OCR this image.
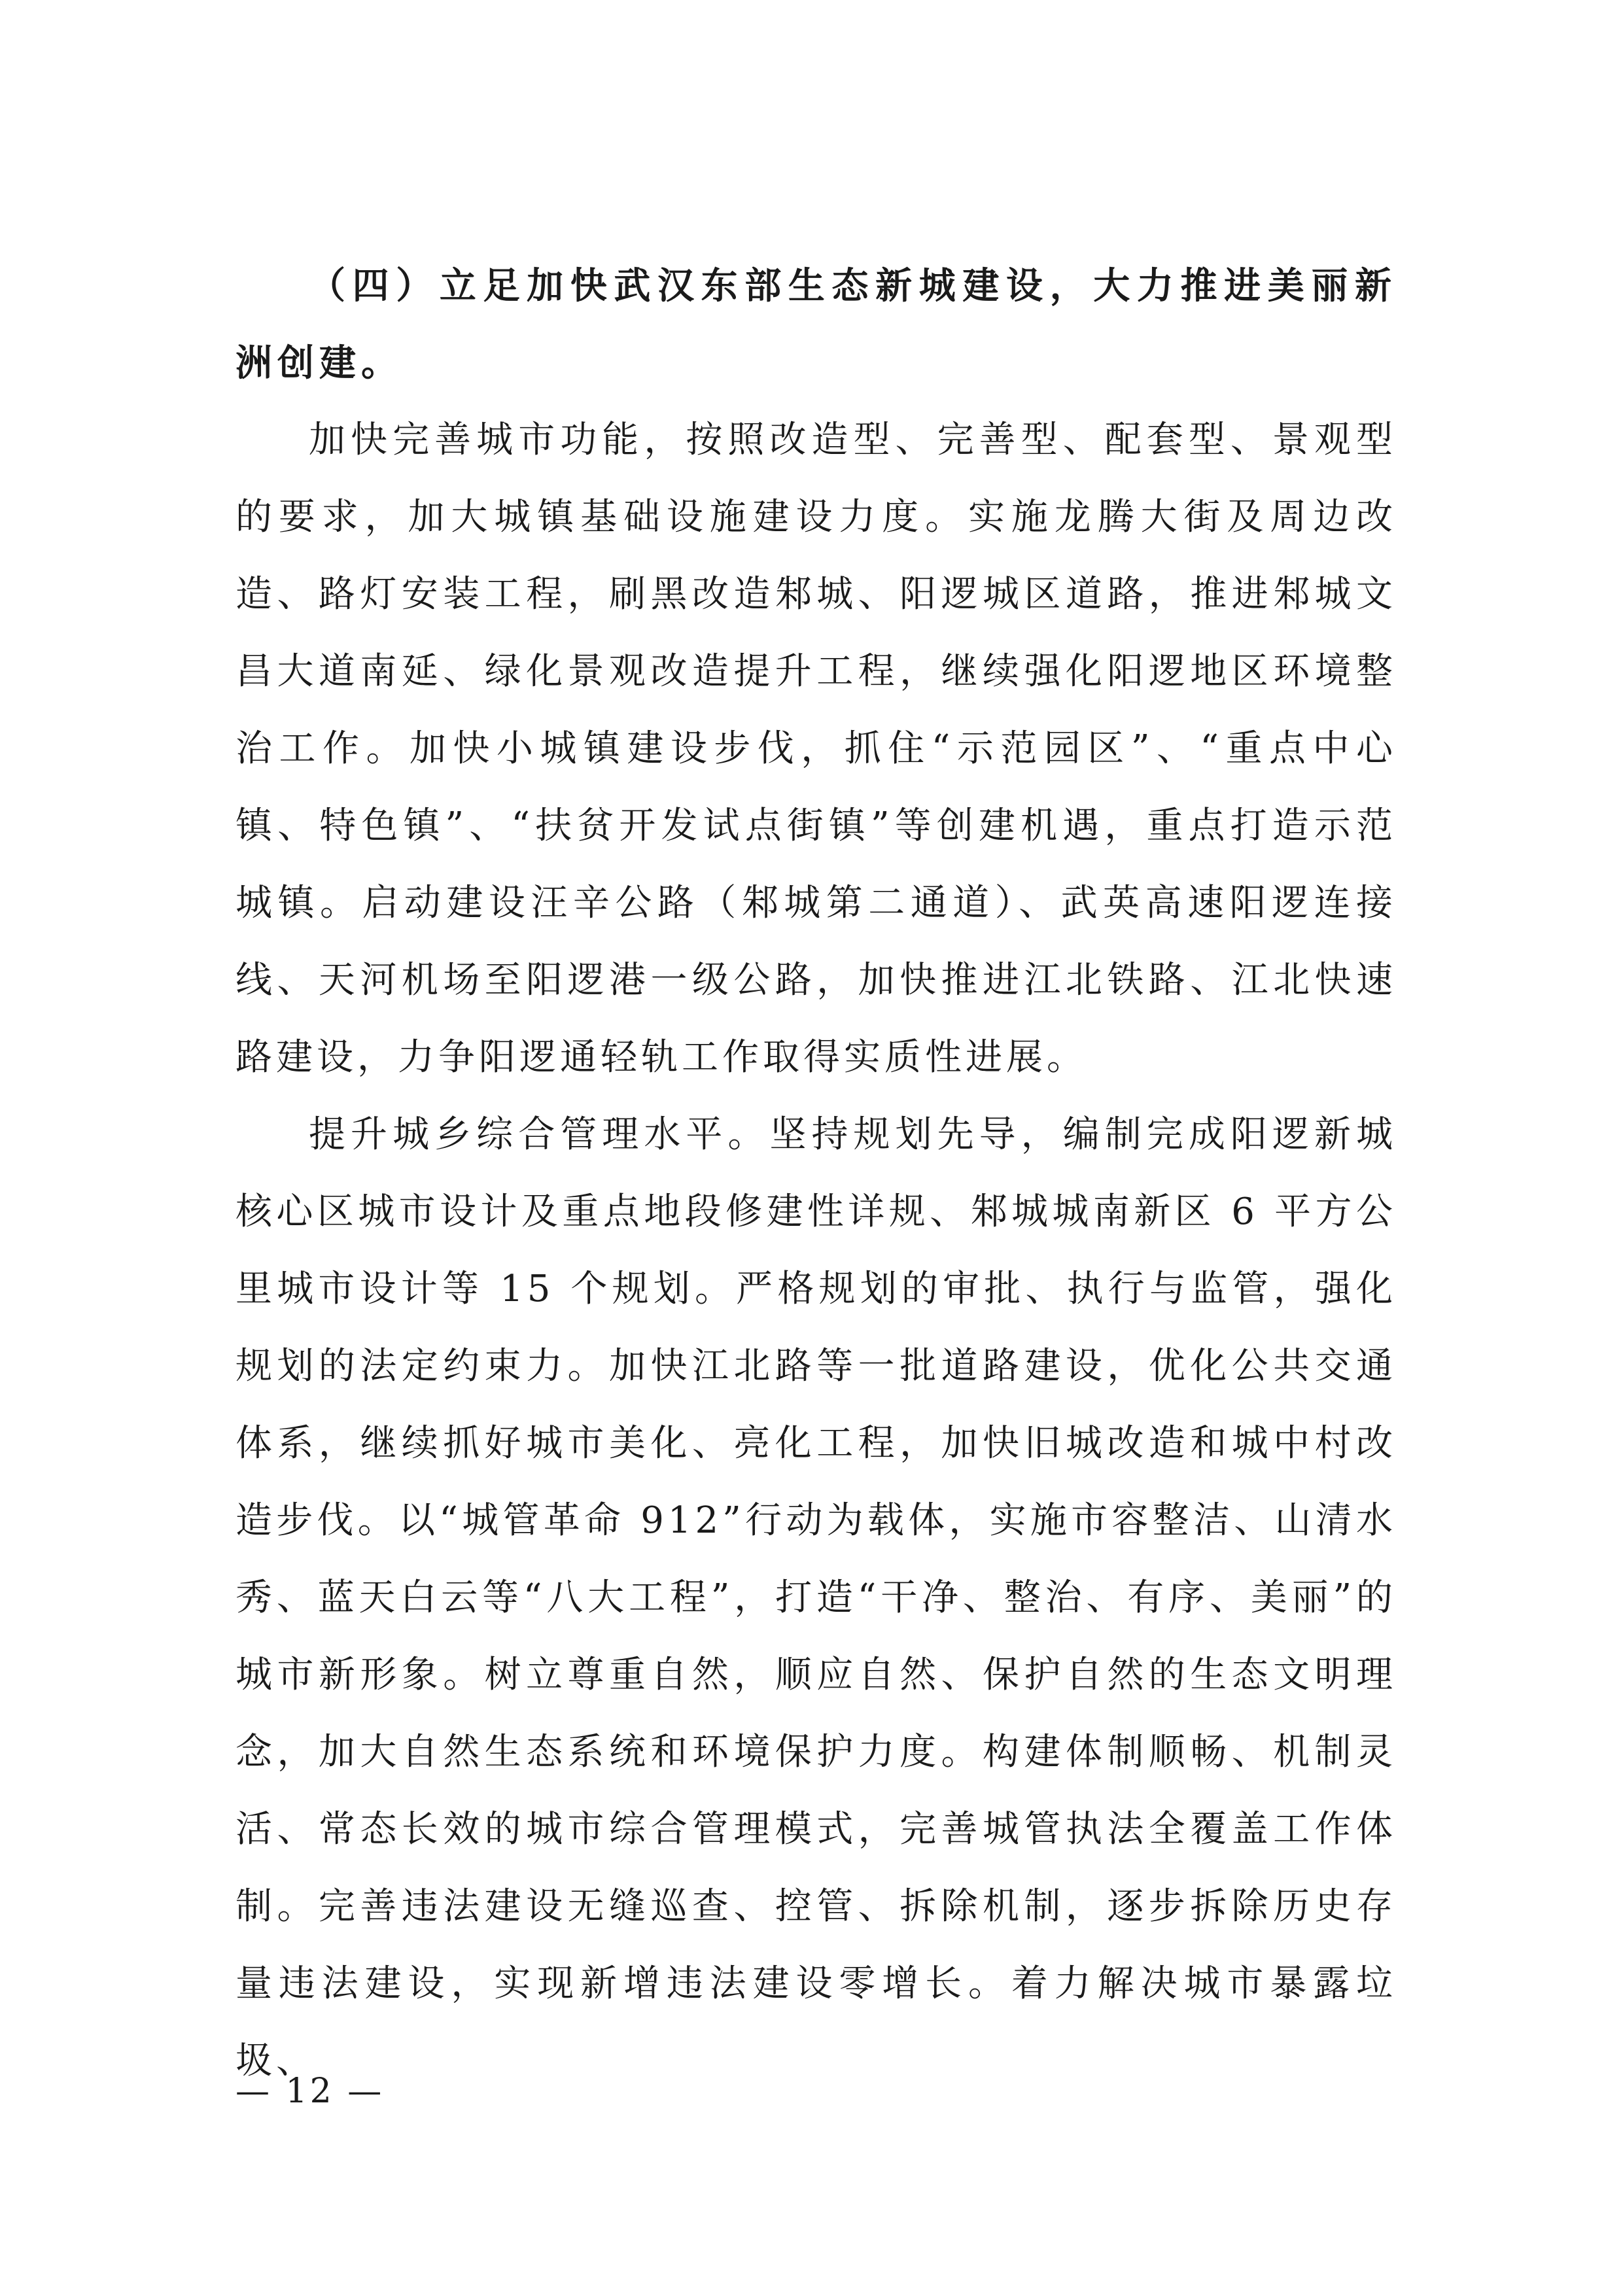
（四）立足加快武汉东部生态新城建设，大力推进美丽新洲创建。

加快完善城市功能，按照改造型、完善型、配套型、景观型的要求，加大城镇基础设施建设力度。实施龙腾大街及周边改造、路灯安装工程，刷黑改造邾城、阳逻城区道路，推进邾城文昌大道南延、绿化景观改造提升工程，继续强化阳逻地区环境整治工作。加快小城镇建设步伐，抓住“示范园区”、“重点中心镇、特色镇”、“扶贫开发试点街镇”等创建机遇，重点打造示范城镇。启动建设汪辛公路（邾城第二通道）、武英高速阳逻连接线、天河机场至阳逻港一级公路，加快推进江北铁路、江北快速路建设，力争阳逻通轻轨工作取得实质性进展。

提升城乡综合管理水平。坚持规划先导，编制完成阳逻新城核心区城市设计及重点地段修建性详规、邾城城南新区 6 平方公里城市设计等 15 个规划。严格规划的审批、执行与监管，强化规划的法定约束力。加快江北路等一批道路建设，优化公共交通体系，继续抓好城市美化、亮化工程，加快旧城改造和城中村改造步伐。以“城管革命 912”行动为载体，实施市容整洁、山清水秀、蓝天白云等“八大工程”，打造“干净、整治、有序、美丽”的城市新形象。树立尊重自然，顺应自然、保护自然的生态文明理念，加大自然生态系统和环境保护力度。构建体制顺畅、机制灵活、常态长效的城市综合管理模式，完善城管执法全覆盖工作体制。完善违法建设无缝巡查、控管、拆除机制，逐步拆除历史存量违法建设，实现新增违法建设零增长。着力解决城市暴露垃圾、

— 12 —
